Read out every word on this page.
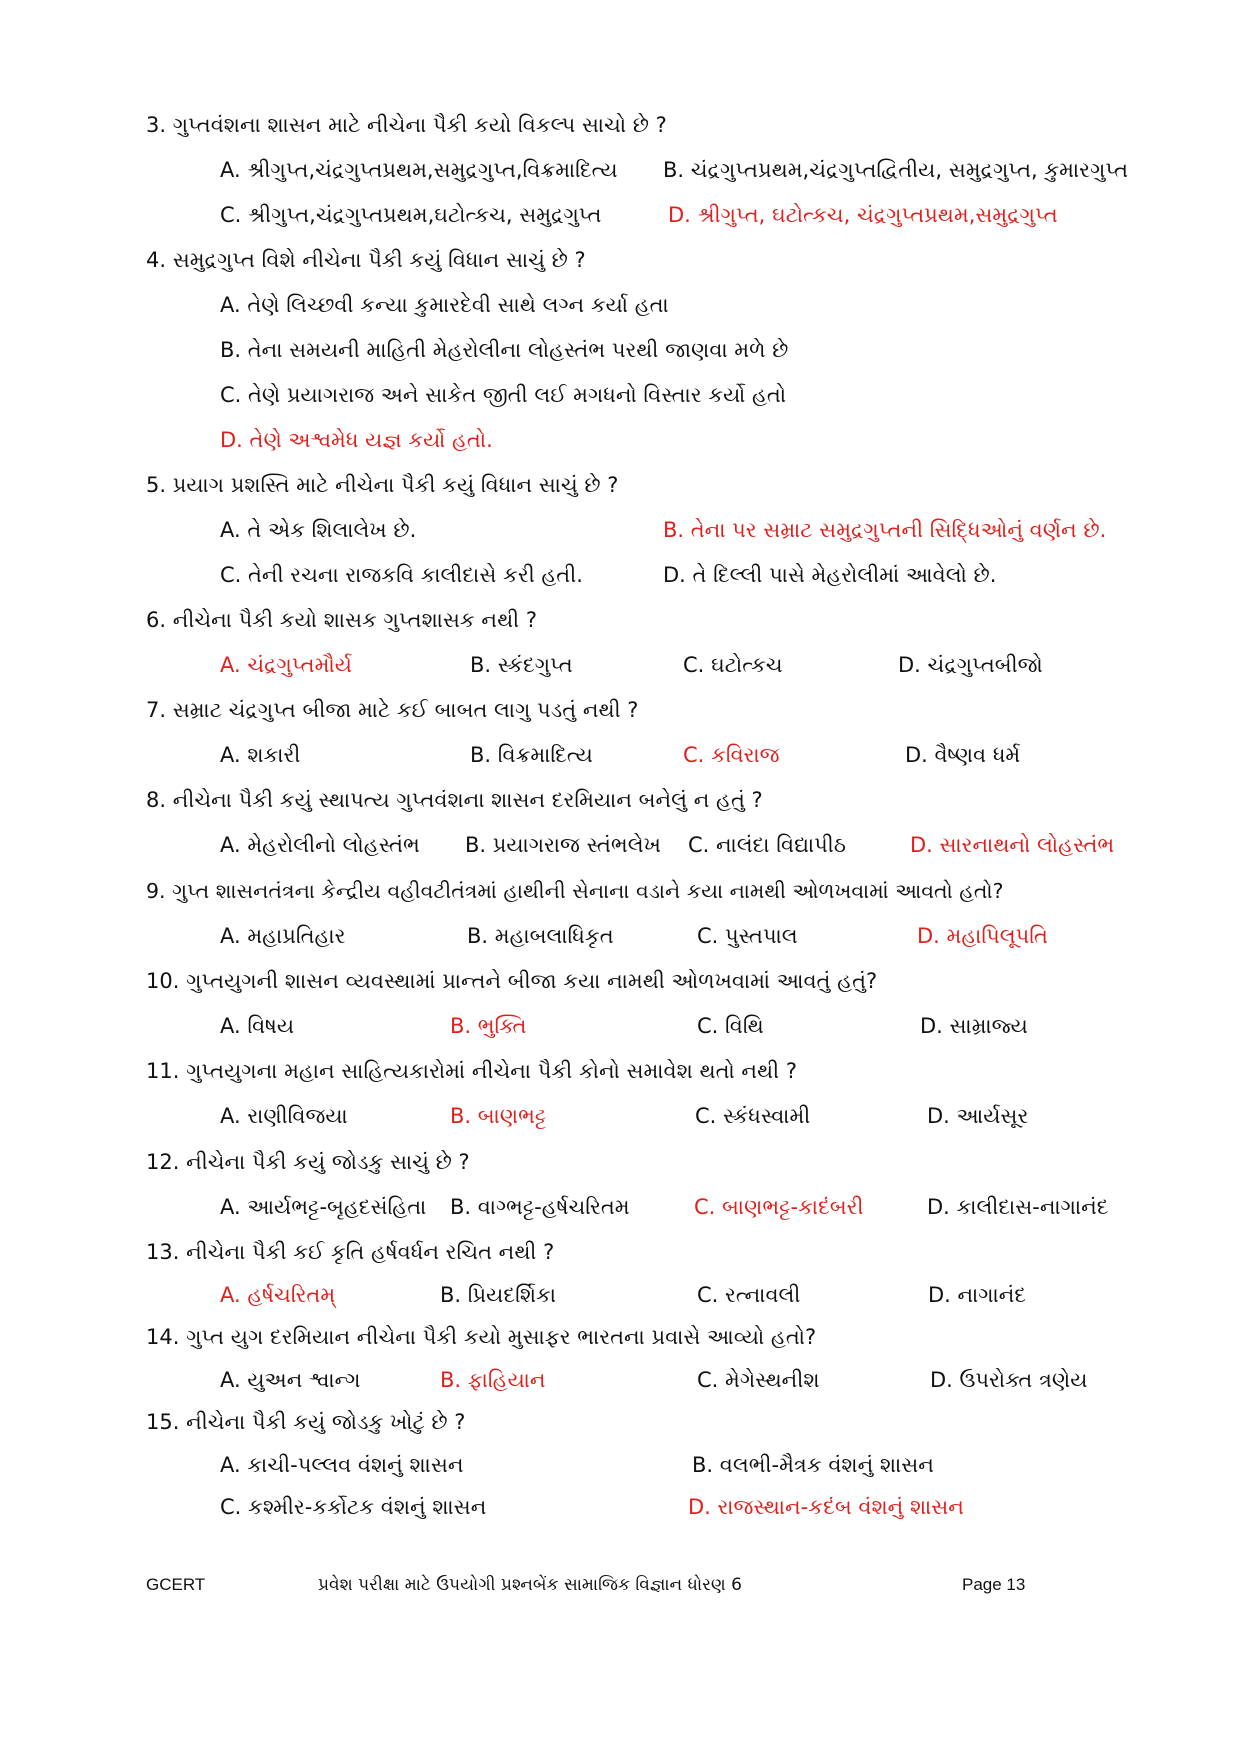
3. ગુપ્તવંશના શાસન માટે નીચેના પૈકી કયો વિકલ્પ સાચો છે ?
A. શ્રીગુપ્ત,ચંદ્રગુપ્તપ્રથમ,સમુદ્રગુપ્ત,વિક્રમાદિત્ય B. ચંદ્રગુપ્તપ્રથમ,ચંદ્રગુપ્તદ્વિતીય, સમુદ્રગુપ્ત, કુમારગુપ્ત
C. શ્રીગુપ્ત,ચંદ્રગુપ્તપ્રથમ,ઘટોત્કચ, સમુદ્રગુપ્ત	D. શ્રીગુપ્ત, ઘટોત્કચ, ચંદ્રગુપ્તપ્રથમ,સમુદ્રગુપ્ત
4. સમુદ્રગુપ્ત વિશે નીચેના પૈકી કયું વિધાન સાચું છે ?
A. તેણે લિચ્છવી કન્યા કુમારદેવી સાથે લગ્ન કર્યા હતા
B. તેના સમયની માહિતી મેહરોલીના લોહસ્તંભ પરથી જાણવા મળે છે
C. તેણે પ્રયાગરાજ અને સાકેત જીતી લઈ મગધનો વિસ્તાર કર્યો હતો
D. તેણે અશ્વમેધ યજ્ઞ કર્યો હતો.
5. પ્રયાગ પ્રશસ્તિ માટે નીચેના પૈકી કયું વિધાન સાચું છે ?
A. તે એક શિલાલેખ છે.	B. તેના પર સમ્રાટ સમુદ્રગુપ્તની સિદ્ધિઓનું વર્ણન છે.
C. તેની રચના રાજકવિ કાલીદાસે કરી હતી.	D. તે દિલ્લી પાસે મેહરોલીમાં આવેલો છે.
6. નીચેના પૈકી કયો શાસક ગુપ્તશાસક નથી ?
A. ચંદ્રગુપ્તમૌર્ય	B. સ્કંદગુપ્ત	C. ઘટોત્કચ	D. ચંદ્રગુપ્તબીજો
7. સમ્રાટ ચંદ્રગુપ્ત બીજા માટે કઈ બાબત લાગુ પડતું નથી ?
A. શકારી	B. વિક્રમાદિત્ય	C. કવિરાજ	D. વૈષ્ણવ ધર્મ
8. નીચેના પૈકી કયું સ્થાપત્ય ગુપ્તવંશના શાસન દરમિયાન બનેલું ન હતું ?
A. મેહરોલીનો લોહસ્તંભ B. પ્રયાગરાજ સ્તંભલેખ C. નાલંદા વિદ્યાપીઠ	D. સારનાથનો લોહસ્તંભ
9. ગુપ્ત શાસનતંત્રના કેન્દ્રીય વહીવટીતંત્રમાં હાથીની સેનાના વડાને કયા નામથી ઓળખવામાં આવતો હતો?
A. મહાપ્રતિહાર	B. મહાબલાધિકૃત	C. પુસ્તપાલ	D. મહાપિલૂપતિ
10. ગુપ્તયુગની શાસન વ્યવસ્થામાં પ્રાન્તને બીજા કયા નામથી ઓળખવામાં આવતું હતું?
A. વિષય	B. ભુક્તિ	C. વિથિ	D. સામ્રાજ્ય
11. ગુપ્તયુગના મહાન સાહિત્યકારોમાં નીચેના પૈકી કોનો સમાવેશ થતો નથી ?
A. રાણીવિજયા	B. બાણભટ્ટ	C. સ્કંધસ્વામી	D. આર્યસૂર
12. નીચેના પૈકી કયું જોડકુ સાચું છે ?
A. આર્યભટ્ટ-બૃહદસંહિતા B. વાગ્ભટ્ટ-હર્ષચરિતમ	C. બાણભટ્ટ-કાદંબરી	D. કાલીદાસ-નાગાનંદ
13. નીચેના પૈકી કઈ કૃતિ હર્ષવર્ધન રચિત નથી ?
A. હર્ષચરિતમ્	B. પ્રિયદર્શિકા	C. રત્નાવલી	D. નાગાનંદ
14. ગુપ્ત યુગ દરમિયાન નીચેના પૈકી કયો મુસાફર ભારતના પ્રવાસે આવ્યો હતો?
A. યુઅન શ્વાન્ગ	B. ફાહિયાન	C. મેગેસ્થનીશ	D. ઉપરોક્ત ત્રણેય
15. નીચેના પૈકી કયું જોડકુ ખોટું છે ?
A. કાચી-પલ્લવ વંશનું શાસન	B. વલભી-મૈત્રક વંશનું શાસન
C. કશ્મીર-કર્કોટક વંશનું શાસન	D. રાજસ્થાન-કદંબ વંશનું શાસન
GCERT	પ્રવેશ પરીક્ષા માટે ઉપયોગી પ્રશ્નબેંક સામાજિક વિજ્ઞાન ધોરણ 6	Page 13
